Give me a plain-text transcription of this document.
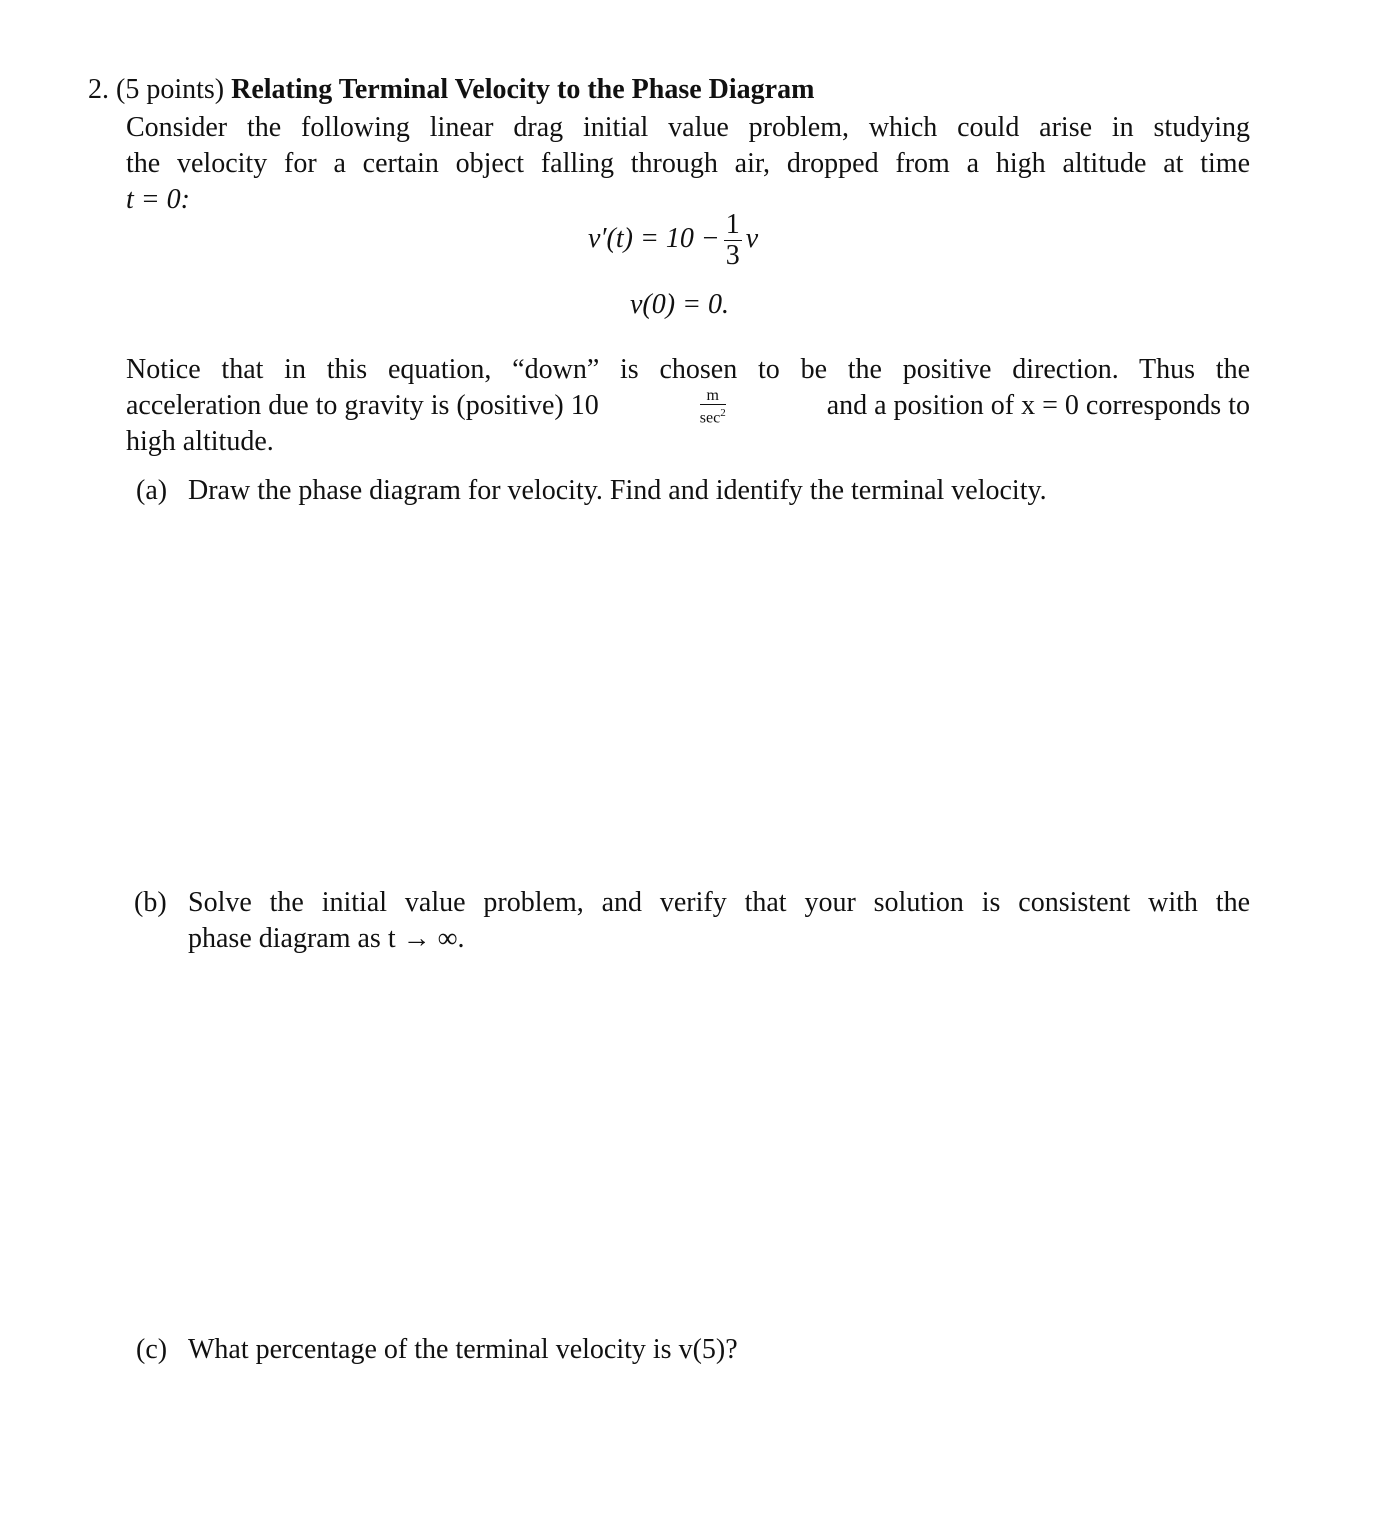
2. (5 points) Relating Terminal Velocity to the Phase Diagram
Consider the following linear drag initial value problem, which could arise in studying
the velocity for a certain object falling through air, dropped from a high altitude at time
t = 0:
$v'(t) = 10 - \frac{1}{3}$ v
v(0) = 0.
Notice that in this equation, “down” is chosen to be the positive direction. Thus the
acceleration due to gravity is (positive) 10	m
$\sec^2$	and a position of x = 0 corresponds to
high altitude.
(a) Draw the phase diagram for velocity. Find and identify the terminal velocity.
(b) Solve the initial value problem, and verify that your solution is consistent with the
phase diagram as t → ∞.
(c) What percentage of the terminal velocity is v(5)?
